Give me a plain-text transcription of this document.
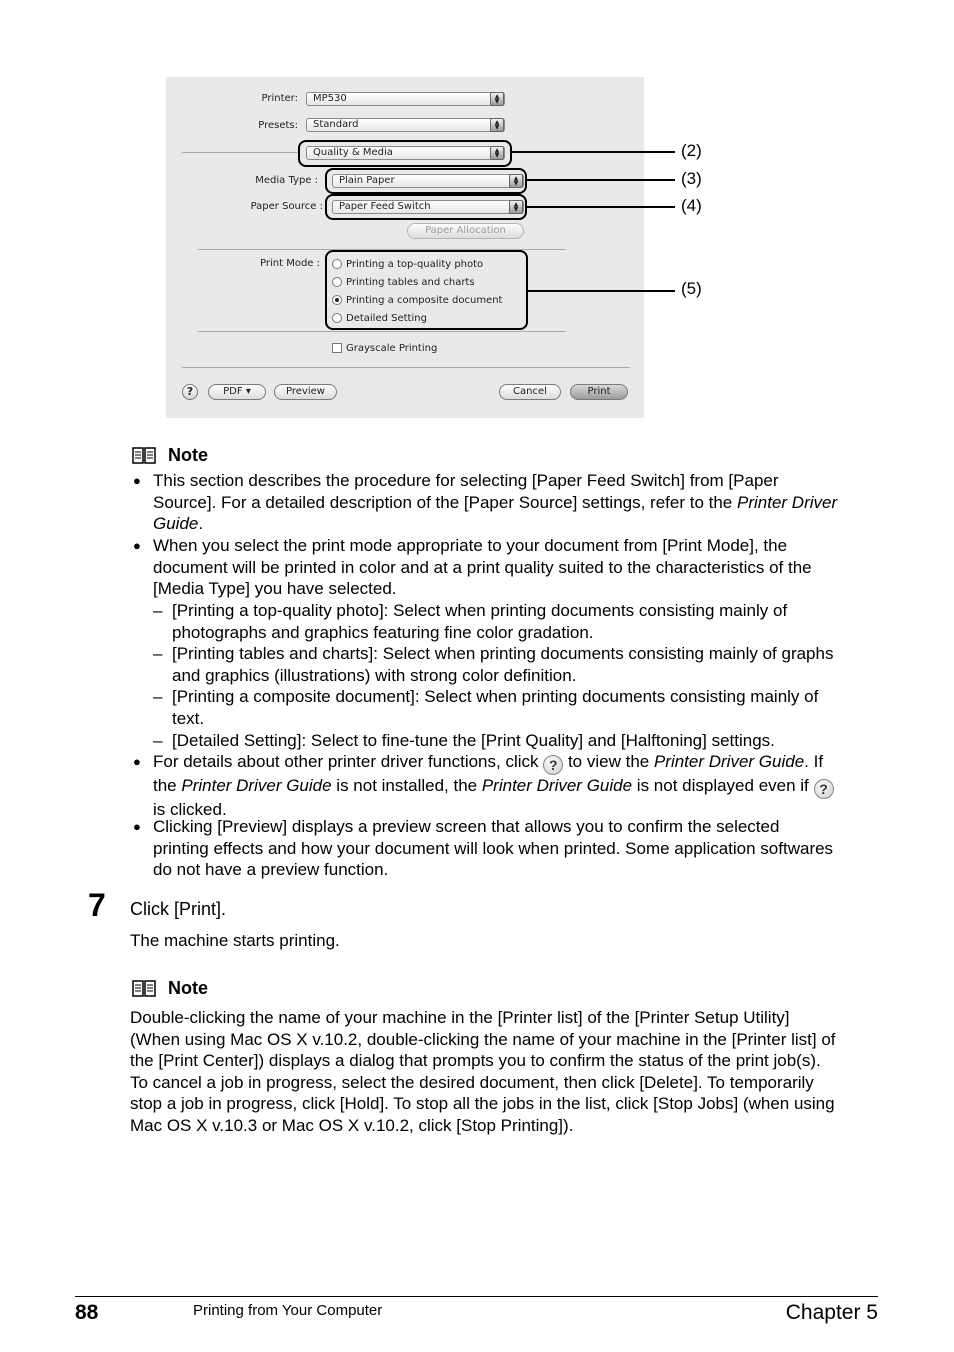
Printer:	MP530	▲
▼
Presets:	Standard	▲
▼
Quality & Media	▲
▼
Media Type :	Plain Paper	▲
▼
Paper Source :	Paper Feed Switch	▲
▼
Paper Allocation
Print Mode :	Printing a top-quality photo
Printing tables and charts
Printing a composite document
Detailed Setting
Grayscale Printing
?	PDF ▾	Preview	Cancel	Print
(2)
(3)
(4)
(5)
Note
● This section describes the procedure for selecting [Paper Feed Switch] from [Paper
Source]. For a detailed description of the [Paper Source] settings, refer to the Printer Driver
Guide.
● When you select the print mode appropriate to your document from [Print Mode], the
document will be printed in color and at a print quality suited to the characteristics of the
[Media Type] you have selected.
– [Printing a top-quality photo]: Select when printing documents consisting mainly of
photographs and graphics featuring fine color gradation.
– [Printing tables and charts]: Select when printing documents consisting mainly of graphs
and graphics (illustrations) with strong color definition.
– [Printing a composite document]: Select when printing documents consisting mainly of
text.
– [Detailed Setting]: Select to fine-tune the [Print Quality] and [Halftoning] settings.
● For details about other printer driver functions, click ? to view the Printer Driver Guide. If
the Printer Driver Guide is not installed, the Printer Driver Guide is not displayed even if ?
is clicked.
● Clicking [Preview] displays a preview screen that allows you to confirm the selected
printing effects and how your document will look when printed. Some application softwares
do not have a preview function.
7 Click [Print].
The machine starts printing.
Note
Double-clicking the name of your machine in the [Printer list] of the [Printer Setup Utility]
(When using Mac OS X v.10.2, double-clicking the name of your machine in the [Printer list] of
the [Print Center]) displays a dialog that prompts you to confirm the status of the print job(s).
To cancel a job in progress, select the desired document, then click [Delete]. To temporarily
stop a job in progress, click [Hold]. To stop all the jobs in the list, click [Stop Jobs] (when using
Mac OS X v.10.3 or Mac OS X v.10.2, click [Stop Printing]).
88	Printing from Your Computer	Chapter 5
